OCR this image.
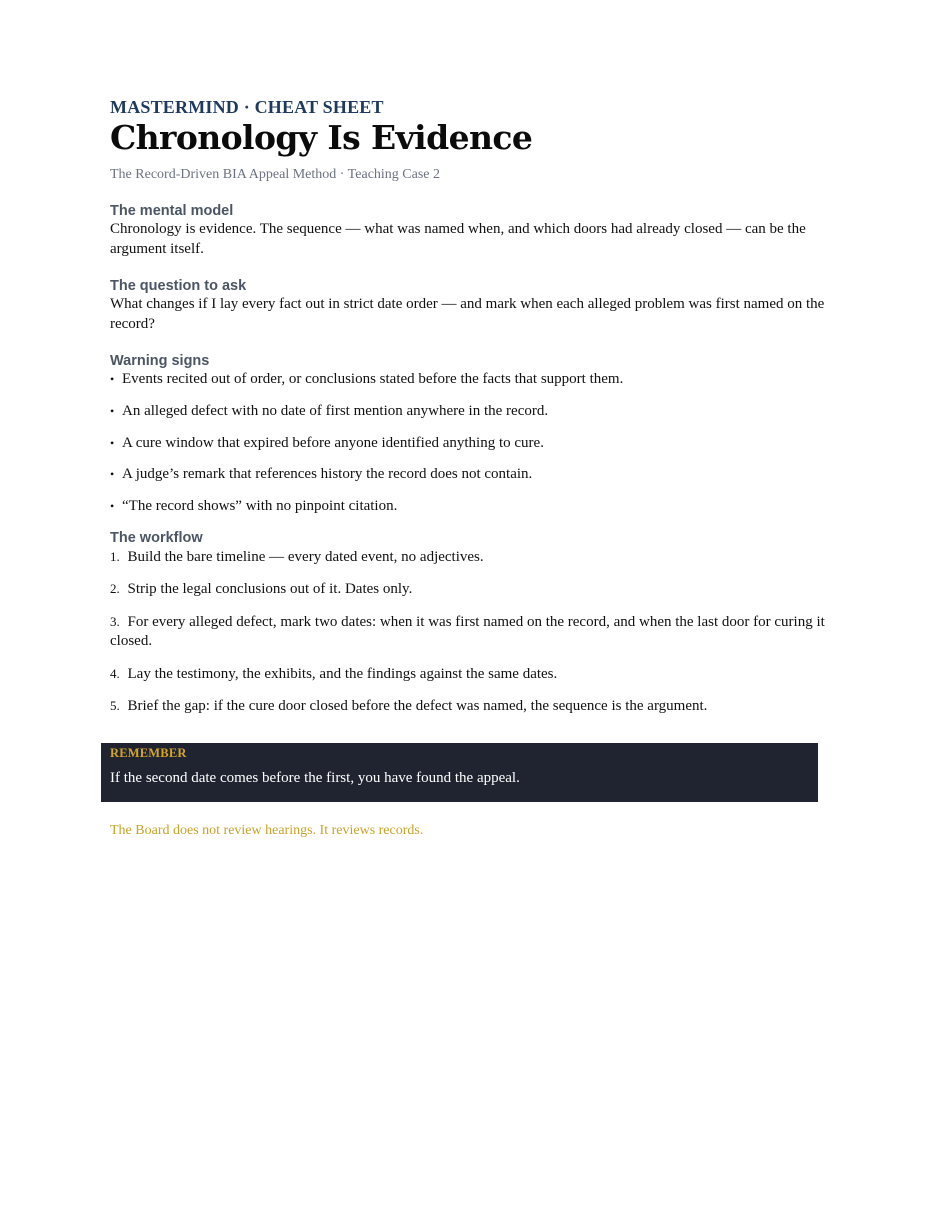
MASTERMIND · CHEAT SHEET
Chronology Is Evidence
The Record-Driven BIA Appeal Method · Teaching Case 2
The mental model
Chronology is evidence. The sequence — what was named when, and which doors had already closed — can be the argument itself.
The question to ask
What changes if I lay every fact out in strict date order — and mark when each alleged problem was first named on the record?
Warning signs
• Events recited out of order, or conclusions stated before the facts that support them.
• An alleged defect with no date of first mention anywhere in the record.
• A cure window that expired before anyone identified anything to cure.
• A judge’s remark that references history the record does not contain.
• “The record shows” with no pinpoint citation.
The workflow
1. Build the bare timeline — every dated event, no adjectives.
2. Strip the legal conclusions out of it. Dates only.
3. For every alleged defect, mark two dates: when it was first named on the record, and when the last door for curing it closed.
4. Lay the testimony, the exhibits, and the findings against the same dates.
5. Brief the gap: if the cure door closed before the defect was named, the sequence is the argument.
REMEMBER
If the second date comes before the first, you have found the appeal.
The Board does not review hearings. It reviews records.
